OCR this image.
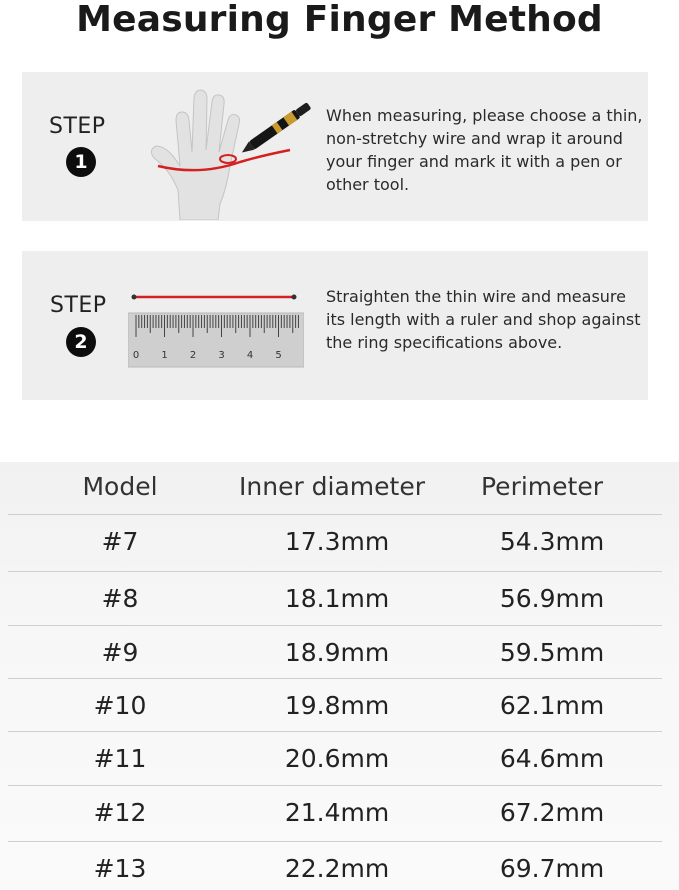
Measuring Finger Method
STEP
1
When measuring, please choose a thin, non-stretchy wire and wrap it around your finger and mark it with a pen or other tool.
STEP
2
0 1 2 3 4 5
Straighten the thin wire and measure its length with a ruler and shop against the ring specifications above.
Model	Inner diameter	Perimeter
#7	17.3mm	54.3mm
#8	18.1mm	56.9mm
#9	18.9mm	59.5mm
#10	19.8mm	62.1mm
#11	20.6mm	64.6mm
#12	21.4mm	67.2mm
#13	22.2mm	69.7mm
